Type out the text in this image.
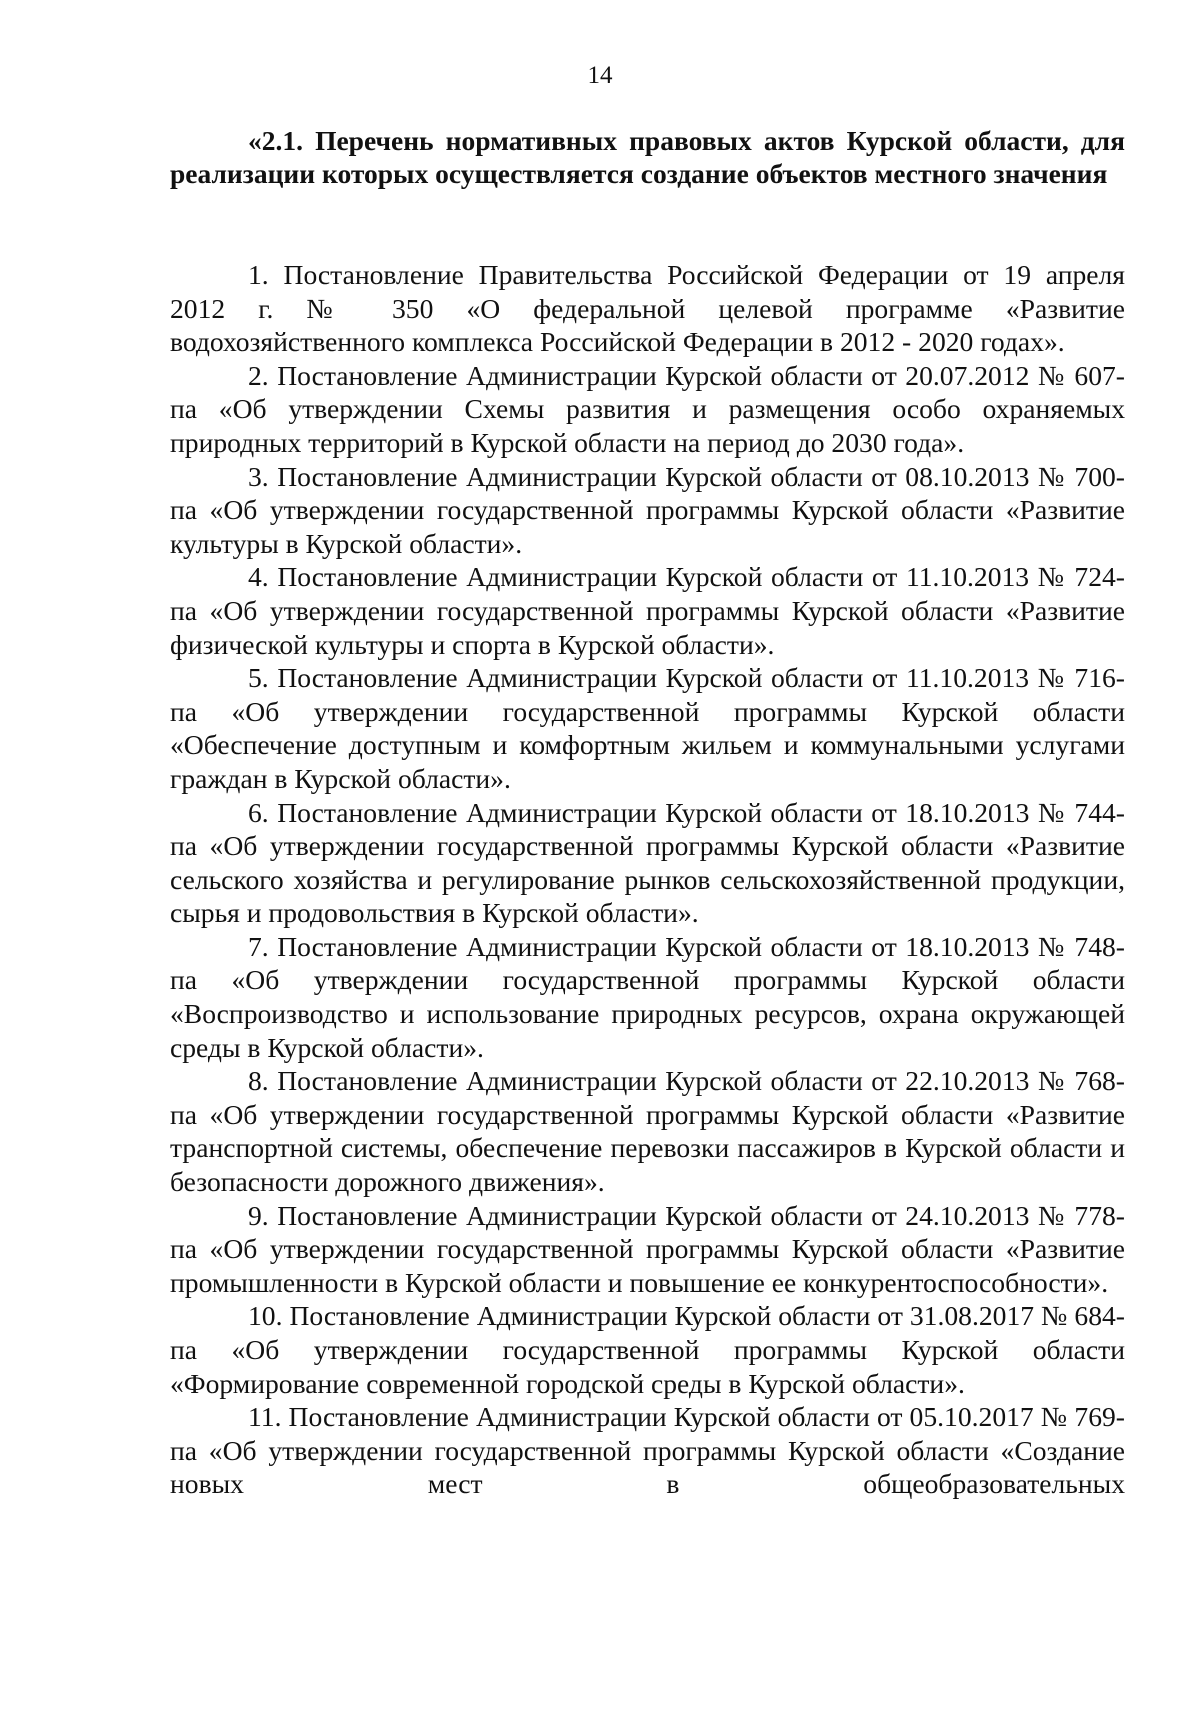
14
«2.1. Перечень нормативных правовых актов Курской области, для реализации которых осуществляется создание объектов местного значения

1. Постановление Правительства Российской Федерации от 19 апреля 2012 г. № 350 «О федеральной целевой программе «Развитие водохозяйственного комплекса Российской Федерации в 2012 - 2020 годах».

2. Постановление Администрации Курской области от 20.07.2012 № 607-па «Об утверждении Схемы развития и размещения особо охраняемых природных территорий в Курской области на период до 2030 года».

3. Постановление Администрации Курской области от 08.10.2013 № 700-па «Об утверждении государственной программы Курской области «Развитие культуры в Курской области».

4. Постановление Администрации Курской области от 11.10.2013 № 724-па «Об утверждении государственной программы Курской области «Развитие физической культуры и спорта в Курской области».

5. Постановление Администрации Курской области от 11.10.2013 № 716-па «Об утверждении государственной программы Курской области «Обеспечение доступным и комфортным жильем и коммунальными услугами граждан в Курской области».

6. Постановление Администрации Курской области от 18.10.2013 № 744-па «Об утверждении государственной программы Курской области «Развитие сельского хозяйства и регулирование рынков сельскохозяйственной продукции, сырья и продовольствия в Курской области».

7. Постановление Администрации Курской области от 18.10.2013 № 748-па «Об утверждении государственной программы Курской области «Воспроизводство и использование природных ресурсов, охрана окружающей среды в Курской области».

8. Постановление Администрации Курской области от 22.10.2013 № 768-па «Об утверждении государственной программы Курской области «Развитие транспортной системы, обеспечение перевозки пассажиров в Курской области и безопасности дорожного движения».

9. Постановление Администрации Курской области от 24.10.2013 № 778-па «Об утверждении государственной программы Курской области «Развитие промышленности в Курской области и повышение ее конкурентоспособности».

10. Постановление Администрации Курской области от 31.08.2017 № 684-па «Об утверждении государственной программы Курской области «Формирование современной городской среды в Курской области».

11. Постановление Администрации Курской области от 05.10.2017 № 769-па «Об утверждении государственной программы Курской области «Создание новых мест в общеобразовательных
